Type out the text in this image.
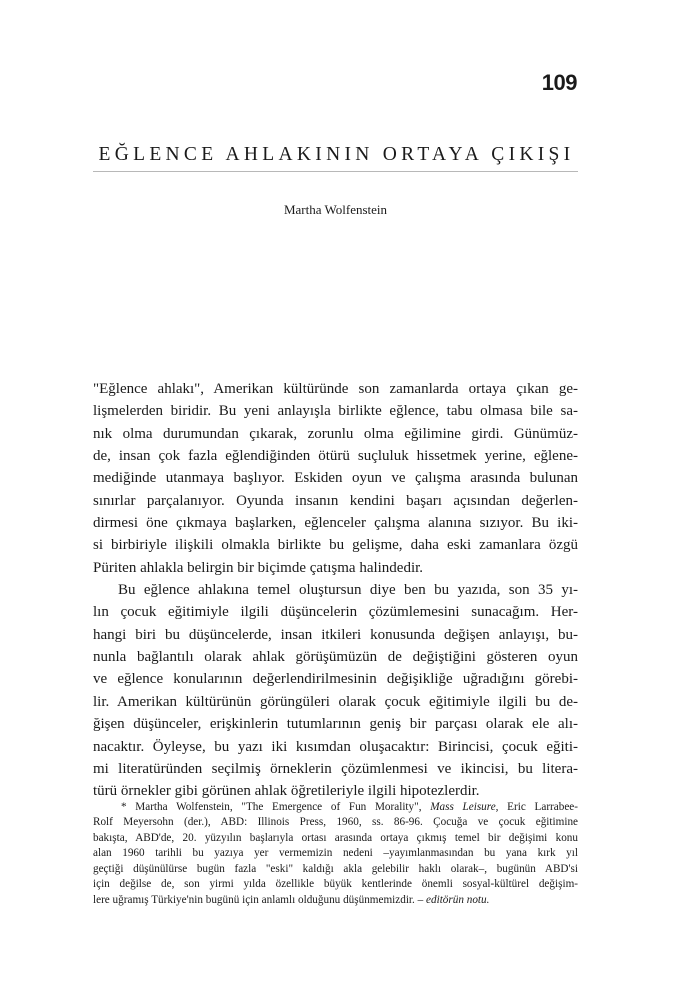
109
EĞLENCE AHLAKININ ORTAYA ÇIKIŞI
Martha Wolfenstein
"Eğlence ahlakı", Amerikan kültüründe son zamanlarda ortaya çıkan ge-
lişmelerden biridir. Bu yeni anlayışla birlikte eğlence, tabu olmasa bile sa-
nık olma durumundan çıkarak, zorunlu olma eğilimine girdi. Günümüz-
de, insan çok fazla eğlendiğinden ötürü suçluluk hissetmek yerine, eğlene-
mediğinde utanmaya başlıyor. Eskiden oyun ve çalışma arasında bulunan
sınırlar parçalanıyor. Oyunda insanın kendini başarı açısından değerlen-
dirmesi öne çıkmaya başlarken, eğlenceler çalışma alanına sızıyor. Bu iki-
si birbiriyle ilişkili olmakla birlikte bu gelişme, daha eski zamanlara özgü
Püriten ahlakla belirgin bir biçimde çatışma halindedir.
Bu eğlence ahlakına temel oluştursun diye ben bu yazıda, son 35 yı-
lın çocuk eğitimiyle ilgili düşüncelerin çözümlemesini sunacağım. Her-
hangi biri bu düşüncelerde, insan itkileri konusunda değişen anlayışı, bu-
nunla bağlantılı olarak ahlak görüşümüzün de değiştiğini gösteren oyun
ve eğlence konularının değerlendirilmesinin değişikliğe uğradığını görebi-
lir. Amerikan kültürünün görüngüleri olarak çocuk eğitimiyle ilgili bu de-
ğişen düşünceler, erişkinlerin tutumlarının geniş bir parçası olarak ele alı-
nacaktır. Öyleyse, bu yazı iki kısımdan oluşacaktır: Birincisi, çocuk eğiti-
mi literatüründen seçilmiş örneklerin çözümlenmesi ve ikincisi, bu litera-
türü örnekler gibi görünen ahlak öğretileriyle ilgili hipotezlerdir.
* Martha Wolfenstein, "The Emergence of Fun Morality", Mass Leisure, Eric Larrabee-
Rolf Meyersohn (der.), ABD: Illinois Press, 1960, ss. 86-96. Çocuğa ve çocuk eğitimine
bakışta, ABD'de, 20. yüzyılın başlarıyla ortası arasında ortaya çıkmış temel bir değişimi konu
alan 1960 tarihli bu yazıya yer vermemizin nedeni –yayımlanmasından bu yana kırk yıl
geçtiği düşünülürse bugün fazla "eski" kaldığı akla gelebilir haklı olarak–, bugünün ABD'si
için değilse de, son yirmi yılda özellikle büyük kentlerinde önemli sosyal-kültürel değişim-
lere uğramış Türkiye'nin bugünü için anlamlı olduğunu düşünmemizdir. – editörün notu.
